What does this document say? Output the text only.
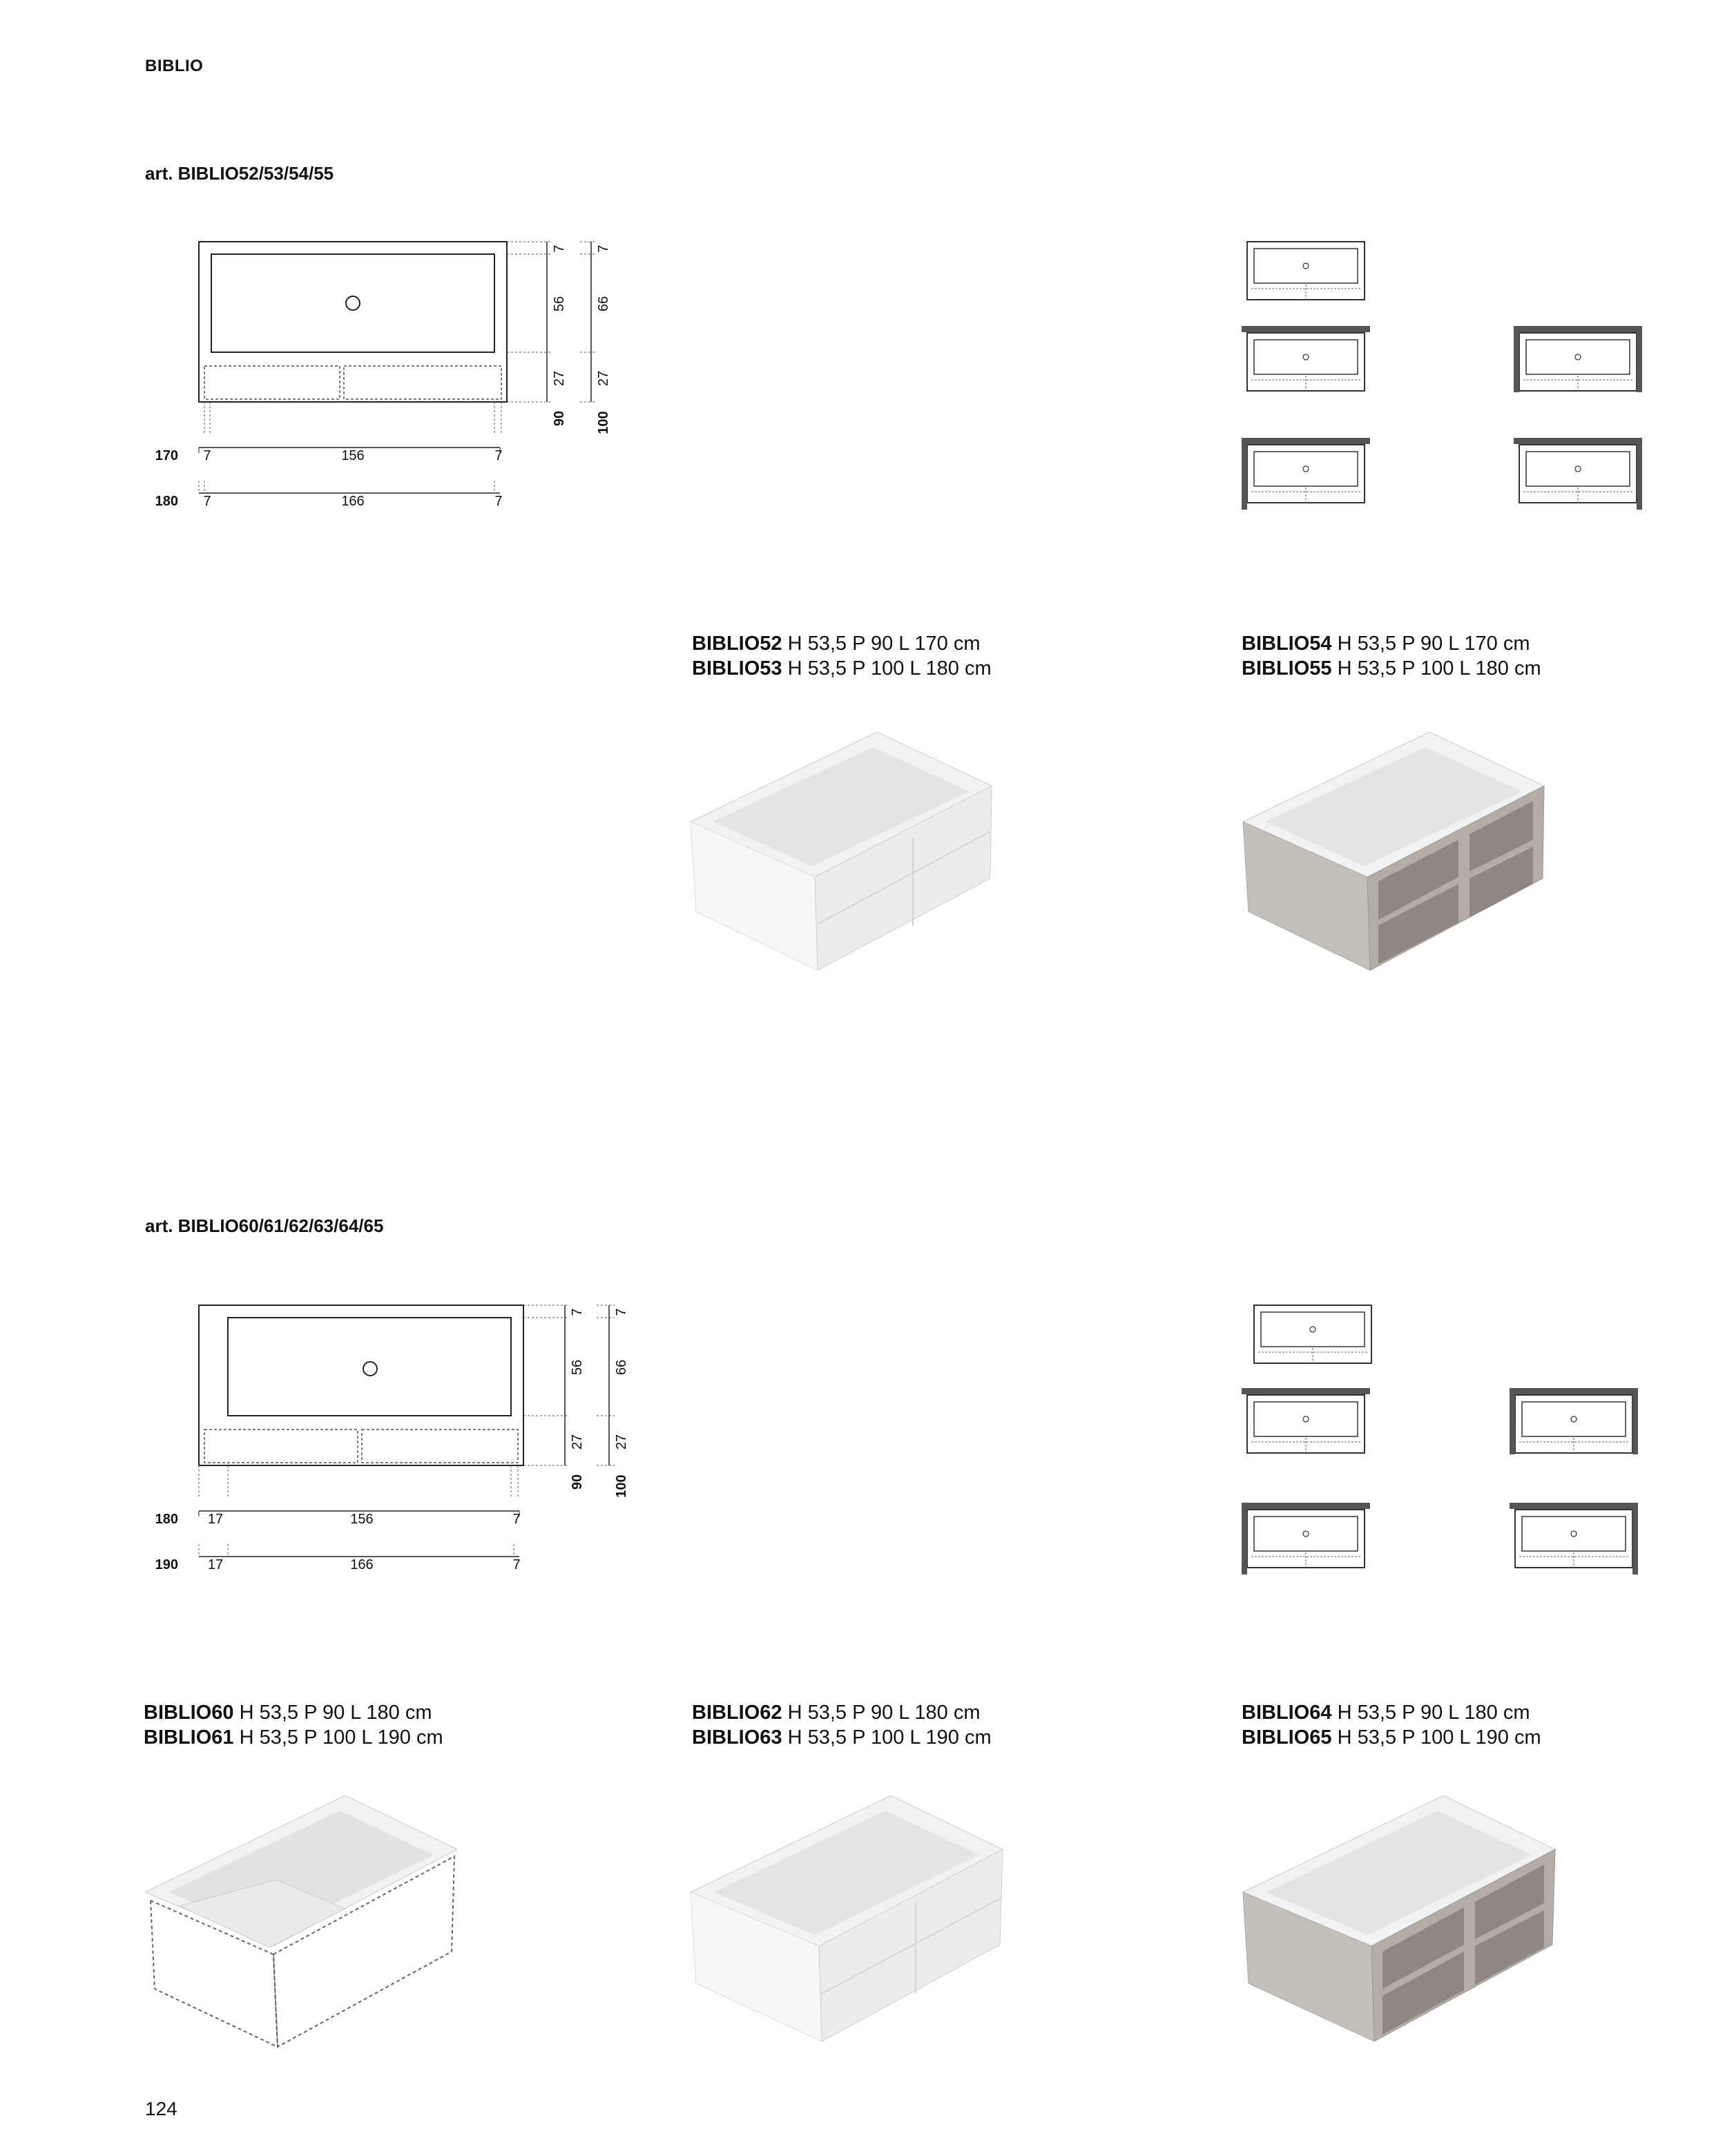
BIBLIO
art. BIBLIO52/53/54/55
7
56
27
7
66
27
90 100
170 7	156	7
180 7	166	7
BIBLIO52 H 53,5 P 90 L 170 cm
BIBLIO53 H 53,5 P 100 L 180 cm
BIBLIO54 H 53,5 P 90 L 170 cm
BIBLIO55 H 53,5 P 100 L 180 cm
art. BIBLIO60/61/62/63/64/65
7
56
27
7
66
27
90 100
180 17	156	7
190 17	166	7
BIBLIO60 H 53,5 P 90 L 180 cm
BIBLIO61 H 53,5 P 100 L 190 cm
BIBLIO62 H 53,5 P 90 L 180 cm
BIBLIO63 H 53,5 P 100 L 190 cm
BIBLIO64 H 53,5 P 90 L 180 cm
BIBLIO65 H 53,5 P 100 L 190 cm
124
